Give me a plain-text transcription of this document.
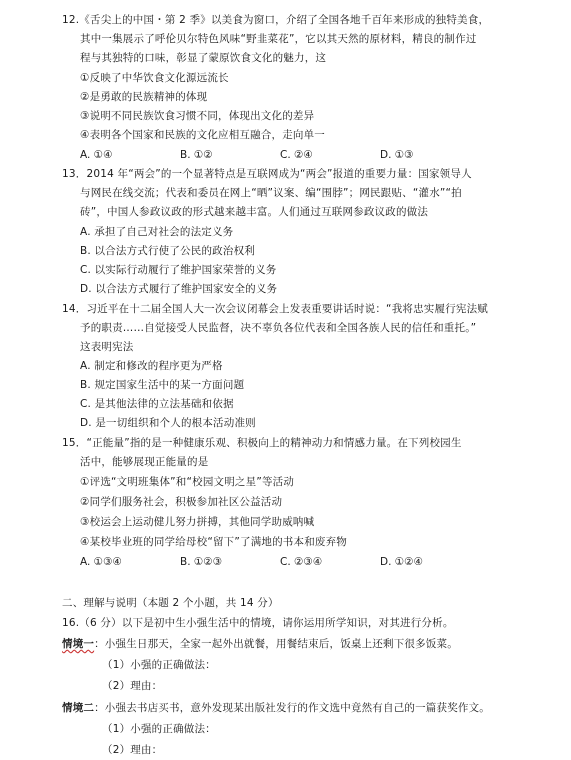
12.《舌尖上的中国・第 2 季》以美食为窗口，介绍了全国各地千百年来形成的独特美食，
其中一集展示了呼伦贝尔特色风味“野韭菜花”，它以其天然的原材料，精良的制作过
程与其独特的口味，彰显了蒙原饮食文化的魅力，这
①反映了中华饮食文化源远流长
②是勇敢的民族精神的体现
③说明不同民族饮食习惯不同，体现出文化的差异
④表明各个国家和民族的文化应相互融合，走向单一
A. ①④	B. ①②	C. ②④	D. ①③
13．2014 年“两会”的一个显著特点是互联网成为“两会”报道的重要力量：国家领导人
与网民在线交流；代表和委员在网上“晒”议案、编“围脖”；网民跟贴、“灌水”“拍
砖”，中国人参政议政的形式越来越丰富。人们通过互联网参政议政的做法
A. 承担了自己对社会的法定义务
B. 以合法方式行使了公民的政治权利
C. 以实际行动履行了维护国家荣誉的义务
D. 以合法方式履行了维护国家安全的义务
14．习近平在十二届全国人大一次会议闭幕会上发表重要讲话时说：“我将忠实履行宪法赋
予的职责……自觉接受人民监督，决不辜负各位代表和全国各族人民的信任和重托。”
这表明宪法
A. 制定和修改的程序更为严格
B. 规定国家生活中的某一方面问题
C. 是其他法律的立法基础和依据
D. 是一切组织和个人的根本活动准则
15．“正能量”指的是一种健康乐观、积极向上的精神动力和情感力量。在下列校园生
活中，能够展现正能量的是
①评选“文明班集体”和“校园文明之星”等活动
②同学们服务社会，积极参加社区公益活动
③校运会上运动健儿努力拼搏，其他同学助威呐喊
④某校毕业班的同学给母校“留下”了满地的书本和废弃物
A. ①③④	B. ①②③	C. ②③④	D. ①②④
二、理解与说明（本题 2 个小题，共 14 分）
16.（6 分）以下是初中生小强生活中的情境，请你运用所学知识，对其进行分析。
情境一：小强生日那天，全家一起外出就餐，用餐结束后，饭桌上还剩下很多饭菜。
（1）小强的正确做法：
（2）理由：
情境二：小强去书店买书，意外发现某出版社发行的作文选中竟然有自己的一篇获奖作文。
（1）小强的正确做法：
（2）理由：
